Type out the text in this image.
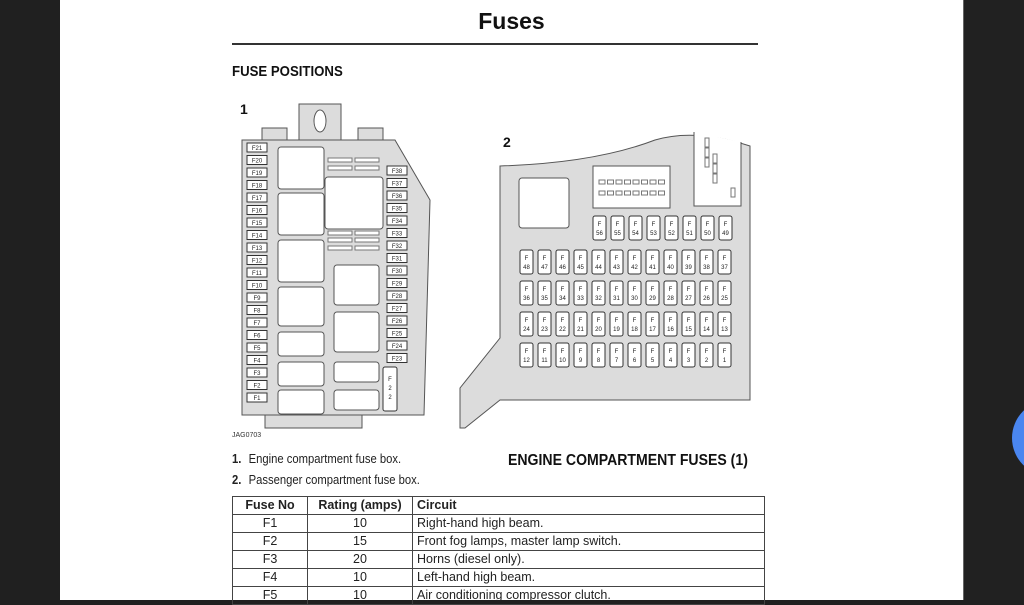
Fuses
FUSE POSITIONS
1
2
F21
F20
F19
F18
F17
F16
F15
F14
F13
F12
F11
F10
F9
F8
F7
F6
F5
F4
F3
F2
F1
F38
F37
F36
F35
F34
F33
F32
F31
F30
F29
F28
F27
F26
F25
F24
F23
F
2
2
F
56
F
55
F
54
F
53
F
52
F
51
F
50
F
49
F
48
F
47
F
46
F
45
F
44
F
43
F
42
F
41
F
40
F
39
F
38
F
37
F
36
F
35
F
34
F
33
F
32
F
31
F
30
F
29
F
28
F
27
F
26
F
25
F
24
F
23
F
22
F
21
F
20
F
19
F
18
F
17
F
16
F
15
F
14
F
13
F
12
F
11
F
10
F
9
F
8
F
7
F
6
F
5
F
4
F
3
F
2
F
1
JAG0703
1. Engine compartment fuse box.
2. Passenger compartment fuse box.
ENGINE COMPARTMENT FUSES (1)
Fuse No	Rating (amps)	Circuit
F1	10	Right-hand high beam.
F2	15	Front fog lamps, master lamp switch.
F3	20	Horns (diesel only).
F4	10	Left-hand high beam.
F5	10	Air conditioning compressor clutch.
